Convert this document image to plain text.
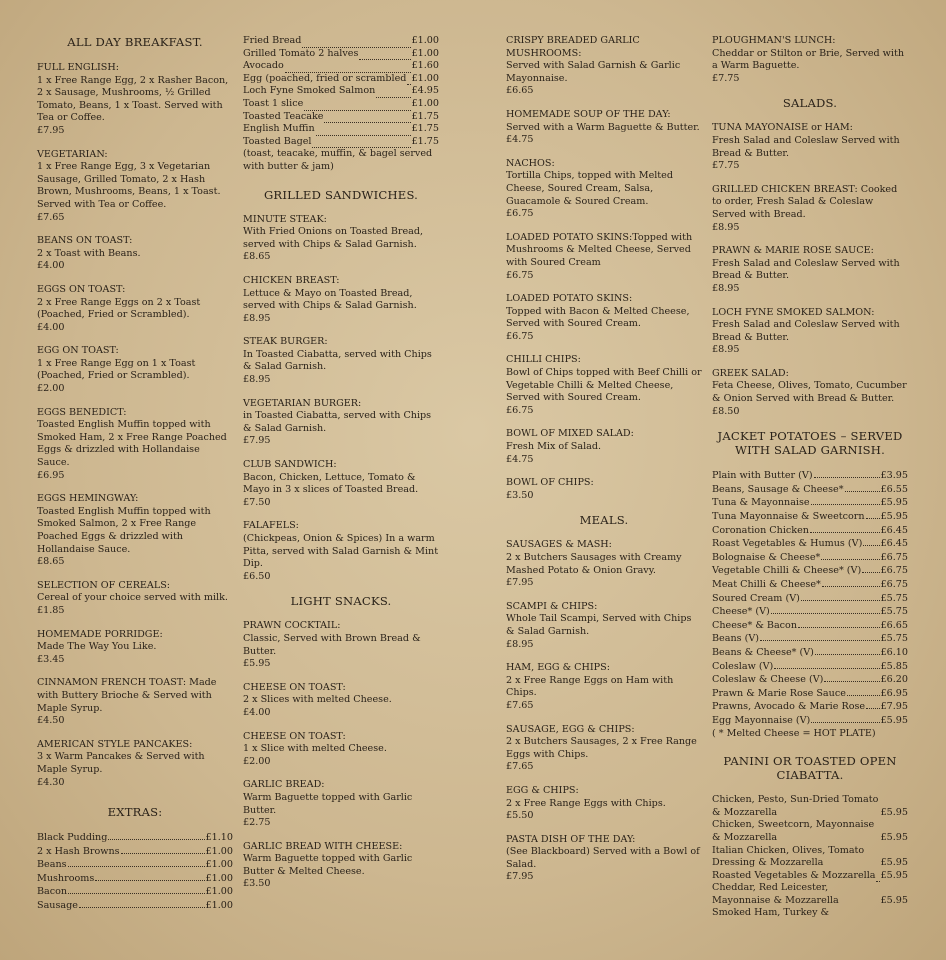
ALL DAY BREAKFAST.
FULL ENGLISH:
1 x Free Range Egg, 2 x Rasher Bacon, 2 x Sausage, Mushrooms, ½ Grilled Tomato, Beans, 1 x Toast. Served with Tea or Coffee.
£7.95
VEGETARIAN:
1 x Free Range Egg, 3 x Vegetarian Sausage, Grilled Tomato, 2 x Hash Brown, Mushrooms, Beans, 1 x Toast. Served with Tea or Coffee.
£7.65
BEANS ON TOAST:
2 x Toast with Beans.
£4.00
EGGS ON TOAST:
2 x Free Range Eggs on 2 x Toast (Poached, Fried or Scrambled).
£4.00
EGG ON TOAST:
1 x Free Range Egg on 1 x Toast (Poached, Fried or Scrambled).
£2.00
EGGS BENEDICT:
Toasted English Muffin topped with Smoked Ham, 2 x Free Range Poached Eggs & drizzled with Hollandaise Sauce.
£6.95
EGGS HEMINGWAY:
Toasted English Muffin topped with Smoked Salmon, 2 x Free Range Poached Eggs & drizzled with Hollandaise Sauce.
£8.65
SELECTION OF CEREALS:
Cereal of your choice served with milk.
£1.85
HOMEMADE PORRIDGE:
Made The Way You Like.
£3.45
CINNAMON FRENCH TOAST: Made with Buttery Brioche & Served with Maple Syrup.
£4.50
AMERICAN STYLE PANCAKES:
3 x Warm Pancakes & Served with Maple Syrup.
£4.30
EXTRAS:
Black Pudding	£1.10
2 x Hash Browns	£1.00
Beans	£1.00
Mushrooms	£1.00
Bacon	£1.00
Sausage	£1.00
Fried Bread	£1.00
Grilled Tomato 2 halves	£1.00
Avocado	£1.60
Egg (poached, fried or scrambled £1.00
Loch Fyne Smoked Salmon	£4.95
Toast 1 slice	£1.00
Toasted Teacake	£1.75
English Muffin	£1.75
Toasted Bagel	£1.75
(toast, teacake, muffin, & bagel served with butter & jam)
GRILLED SANDWICHES.
MINUTE STEAK:
With Fried Onions on Toasted Bread, served with Chips & Salad Garnish.
£8.65
CHICKEN BREAST:
Lettuce & Mayo on Toasted Bread, served with Chips & Salad Garnish.
£8.95
STEAK BURGER:
In Toasted Ciabatta, served with Chips & Salad Garnish.
£8.95
VEGETARIAN BURGER:
in Toasted Ciabatta, served with Chips & Salad Garnish.
£7.95
CLUB SANDWICH:
Bacon, Chicken, Lettuce, Tomato & Mayo in 3 x slices of Toasted Bread.
£7.50
FALAFELS:
(Chickpeas, Onion & Spices) In a warm Pitta, served with Salad Garnish & Mint Dip.
£6.50
LIGHT SNACKS.
PRAWN COCKTAIL:
Classic, Served with Brown Bread & Butter.
£5.95
CHEESE ON TOAST:
2 x Slices with melted Cheese.
£4.00
CHEESE ON TOAST:
1 x Slice with melted Cheese.
£2.00
GARLIC BREAD:
Warm Baguette topped with Garlic Butter.
£2.75
GARLIC BREAD WITH CHEESE:
Warm Baguette topped with Garlic Butter & Melted Cheese.
£3.50
CRISPY BREADED GARLIC MUSHROOMS:
Served with Salad Garnish & Garlic Mayonnaise.
£6.65
HOMEMADE SOUP OF THE DAY:
Served with a Warm Baguette & Butter.
£4.75
NACHOS:
Tortilla Chips, topped with Melted Cheese, Soured Cream, Salsa, Guacamole & Soured Cream.
£6.75
LOADED POTATO SKINS:Topped with Mushrooms & Melted Cheese, Served with Soured Cream
£6.75
LOADED POTATO SKINS:
Topped with Bacon & Melted Cheese, Served with Soured Cream.
£6.75
CHILLI CHIPS:
Bowl of Chips topped with Beef Chilli or Vegetable Chilli & Melted Cheese, Served with Soured Cream.
£6.75
BOWL OF MIXED SALAD:
Fresh Mix of Salad.
£4.75
BOWL OF CHIPS:
£3.50
MEALS.
SAUSAGES & MASH:
2 x Butchers Sausages with Creamy Mashed Potato & Onion Gravy.
£7.95
SCAMPI & CHIPS:
Whole Tail Scampi, Served with Chips & Salad Garnish.
£8.95
HAM, EGG & CHIPS:
2 x Free Range Eggs on Ham with Chips.
£7.65
SAUSAGE, EGG & CHIPS:
2 x Butchers Sausages, 2 x Free Range Eggs with Chips.
£7.65
EGG & CHIPS:
2 x Free Range Eggs with Chips.
£5.50
PASTA DISH OF THE DAY:
(See Blackboard) Served with a Bowl of Salad.
£7.95
PLOUGHMAN'S LUNCH:
Cheddar or Stilton or Brie, Served with a Warm Baguette.
£7.75
SALADS.
TUNA MAYONAISE or HAM:
Fresh Salad and Coleslaw Served with Bread & Butter.
£7.75
GRILLED CHICKEN BREAST: Cooked to order, Fresh Salad & Coleslaw Served with Bread.
£8.95
PRAWN & MARIE ROSE SAUCE:
Fresh Salad and Coleslaw Served with Bread & Butter.
£8.95
LOCH FYNE SMOKED SALMON:
Fresh Salad and Coleslaw Served with Bread & Butter.
£8.95
GREEK SALAD:
Feta Cheese, Olives, Tomato, Cucumber & Onion Served with Bread & Butter.
£8.50
JACKET POTATOES – SERVED WITH SALAD GARNISH.
Plain with Butter (V)	£3.95
Beans, Sausage & Cheese*	£6.55
Tuna & Mayonnaise	£5.95
Tuna Mayonnaise & Sweetcorn £5.95
Coronation Chicken	£6.45
Roast Vegetables & Humus (V) £6.45
Bolognaise & Cheese*	£6.75
Vegetable Chilli & Cheese* (V) £6.75
Meat Chilli & Cheese*	£6.75
Soured Cream (V)	£5.75
Cheese* (V)	£5.75
Cheese* & Bacon	£6.65
Beans (V)	£5.75
Beans & Cheese* (V)	£6.10
Coleslaw (V)	£5.85
Coleslaw & Cheese (V)	£6.20
Prawn & Marie Rose Sauce	£6.95
Prawns, Avocado & Marie Rose £7.95
Egg Mayonnaise (V)	£5.95
( * Melted Cheese = HOT PLATE)
PANINI OR TOASTED OPEN CIABATTA.
Chicken, Pesto, Sun-Dried Tomato & Mozzarella	£5.95
Chicken, Sweetcorn, Mayonnaise & Mozzarella	£5.95
Italian Chicken, Olives, Tomato Dressing & Mozzarella	£5.95
Roasted Vegetables & Mozzarella £5.95
Cheddar, Red Leicester, Mayonnaise & Mozzarella	£5.95
Smoked Ham, Turkey &
